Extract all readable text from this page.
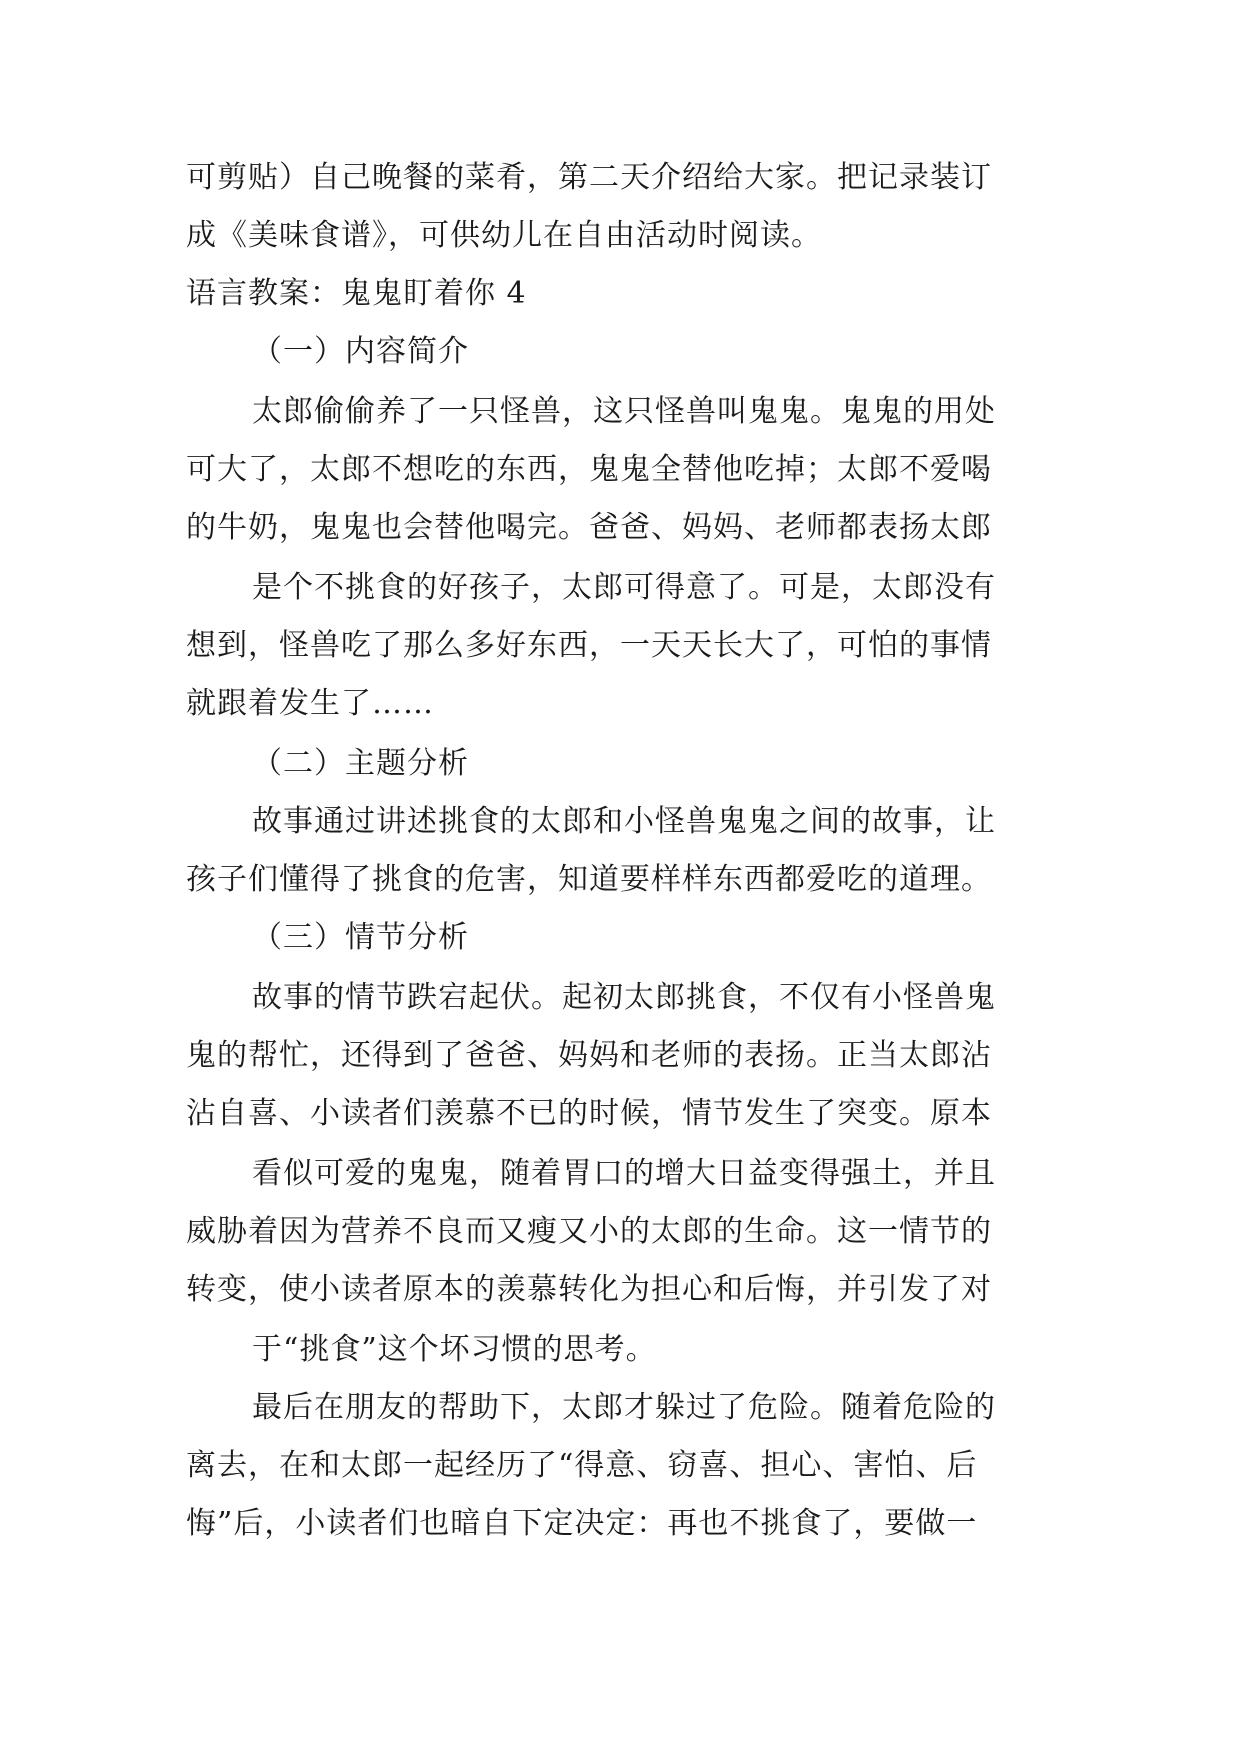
可剪贴）自己晚餐的菜肴，第二天介绍给大家。把记录装订
成《美味食谱》，可供幼儿在自由活动时阅读。
语言教案：鬼鬼盯着你 4
（一）内容简介
太郎偷偷养了一只怪兽，这只怪兽叫鬼鬼。鬼鬼的用处
可大了，太郎不想吃的东西，鬼鬼全替他吃掉；太郎不爱喝
的牛奶，鬼鬼也会替他喝完。爸爸、妈妈、老师都表扬太郎
是个不挑食的好孩子，太郎可得意了。可是，太郎没有
想到，怪兽吃了那么多好东西，一天天长大了，可怕的事情
就跟着发生了……
（二）主题分析
故事通过讲述挑食的太郎和小怪兽鬼鬼之间的故事，让
孩子们懂得了挑食的危害，知道要样样东西都爱吃的道理。
（三）情节分析
故事的情节跌宕起伏。起初太郎挑食，不仅有小怪兽鬼
鬼的帮忙，还得到了爸爸、妈妈和老师的表扬。正当太郎沾
沾自喜、小读者们羡慕不已的时候，情节发生了突变。原本
看似可爱的鬼鬼，随着胃口的增大日益变得强土，并且
威胁着因为营养不良而又瘦又小的太郎的生命。这一情节的
转变，使小读者原本的羡慕转化为担心和后悔，并引发了对
于“挑食”这个坏习惯的思考。
最后在朋友的帮助下，太郎才躲过了危险。随着危险的
离去，在和太郎一起经历了“得意、窃喜、担心、害怕、后
悔”后，小读者们也暗自下定决定：再也不挑食了，要做一
